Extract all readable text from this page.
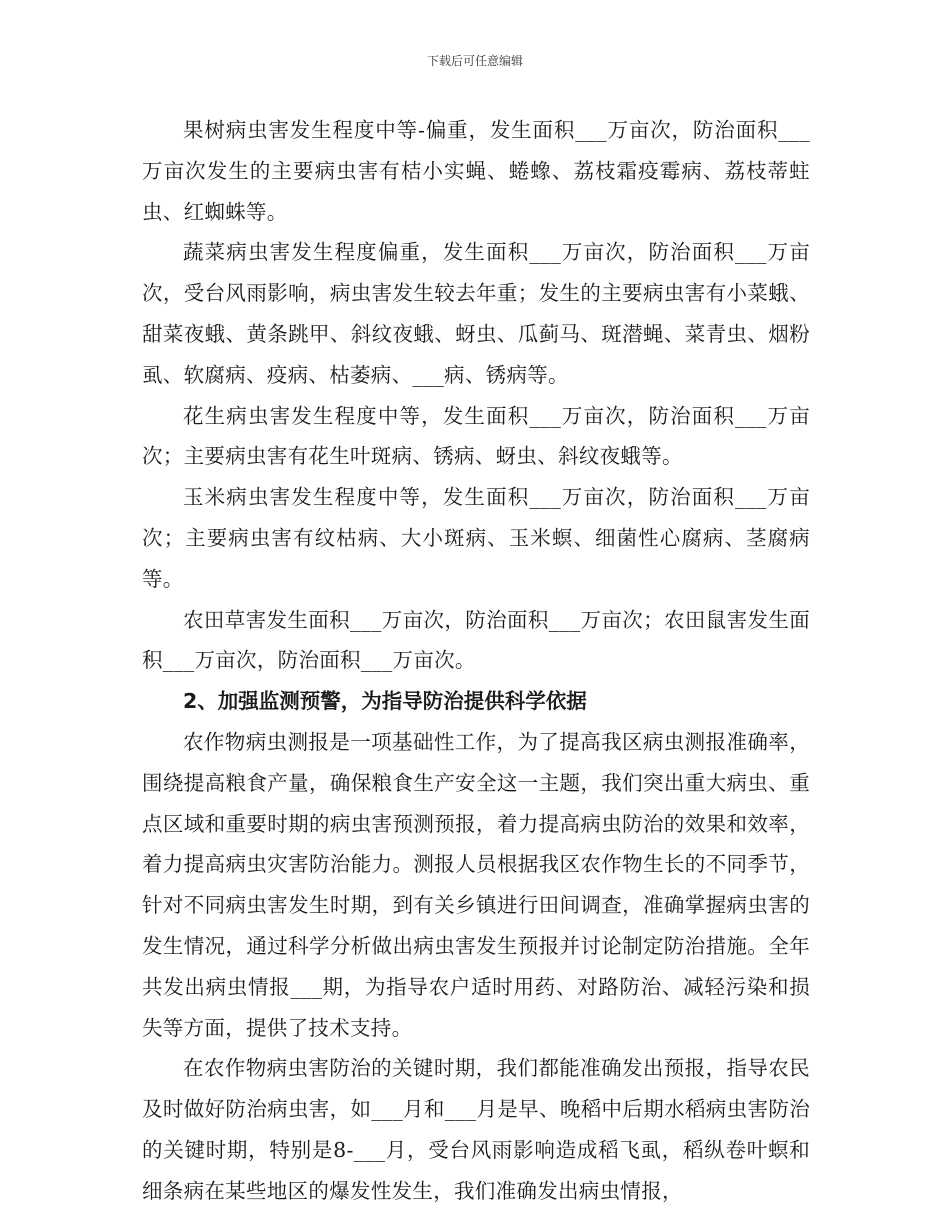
下载后可任意编辑

果树病虫害发生程度中等-偏重，发生面积___万亩次，防治面积___万亩次发生的主要病虫害有桔小实蝇、蜷蟓、荔枝霜疫霉病、荔枝蒂蛀虫、红蜘蛛等。

蔬菜病虫害发生程度偏重，发生面积___万亩次，防治面积___万亩次，受台风雨影响，病虫害发生较去年重；发生的主要病虫害有小菜蛾、甜菜夜蛾、黄条跳甲、斜纹夜蛾、蚜虫、瓜蓟马、斑潜蝇、菜青虫、烟粉虱、软腐病、疫病、枯萎病、___病、锈病等。

花生病虫害发生程度中等，发生面积___万亩次，防治面积___万亩次；主要病虫害有花生叶斑病、锈病、蚜虫、斜纹夜蛾等。

玉米病虫害发生程度中等，发生面积___万亩次，防治面积___万亩次；主要病虫害有纹枯病、大小斑病、玉米螟、细菌性心腐病、茎腐病等。

农田草害发生面积___万亩次，防治面积___万亩次；农田鼠害发生面积___万亩次，防治面积___万亩次。

2、加强监测预警，为指导防治提供科学依据

农作物病虫测报是一项基础性工作，为了提高我区病虫测报准确率，围绕提高粮食产量，确保粮食生产安全这一主题，我们突出重大病虫、重点区域和重要时期的病虫害预测预报，着力提高病虫防治的效果和效率，着力提高病虫灾害防治能力。测报人员根据我区农作物生长的不同季节，针对不同病虫害发生时期，到有关乡镇进行田间调查，准确掌握病虫害的发生情况，通过科学分析做出病虫害发生预报并讨论制定防治措施。全年共发出病虫情报___期，为指导农户适时用药、对路防治、减轻污染和损失等方面，提供了技术支持。

在农作物病虫害防治的关键时期，我们都能准确发出预报，指导农民及时做好防治病虫害，如___月和___月是早、晚稻中后期水稻病虫害防治的关键时期，特别是8-___月，受台风雨影响造成稻飞虱，稻纵卷叶螟和细条病在某些地区的爆发性发生，我们准确发出病虫情报，
